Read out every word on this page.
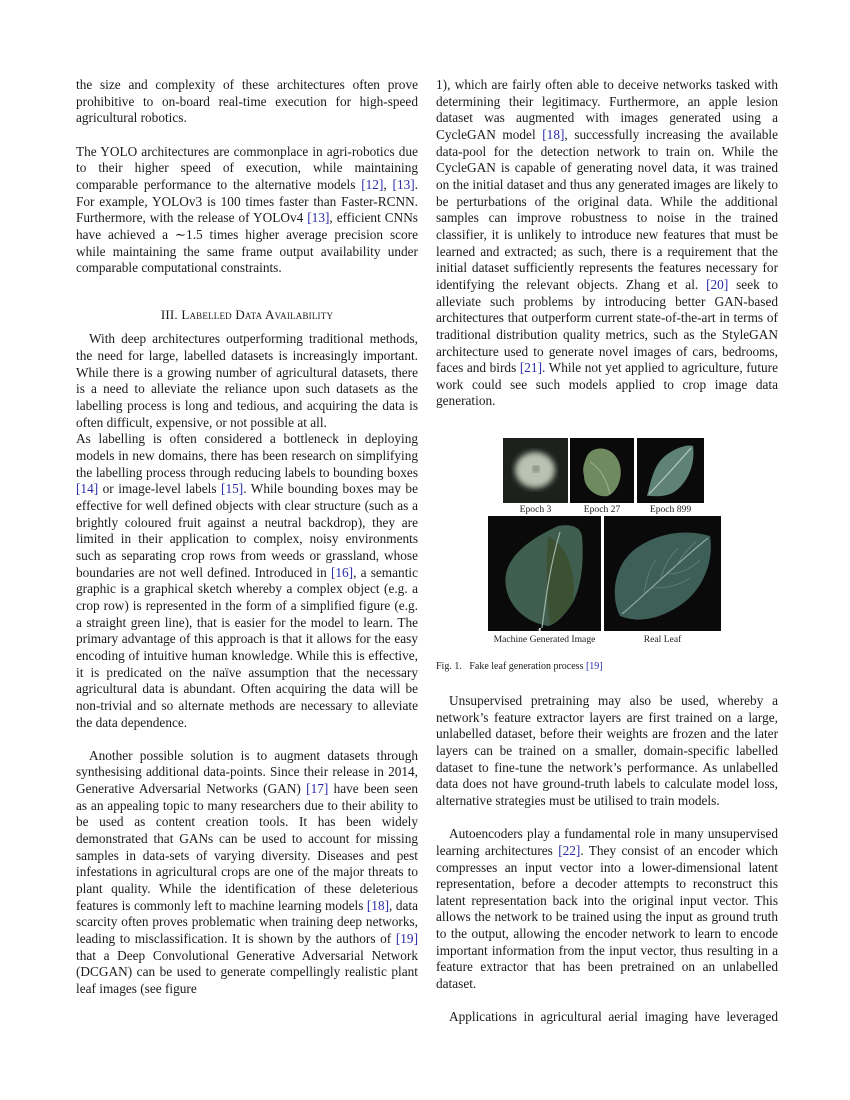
the size and complexity of these architectures often prove prohibitive to on-board real-time execution for high-speed agricultural robotics.

The YOLO architectures are commonplace in agri-robotics due to their higher speed of execution, while maintaining comparable performance to the alternative models [12], [13]. For example, YOLOv3 is 100 times faster than Faster-RCNN. Furthermore, with the release of YOLOv4 [13], efficient CNNs have achieved a ∼1.5 times higher average precision score while maintaining the same frame output availability under comparable computational constraints.

III. Labelled Data Availability

With deep architectures outperforming traditional methods, the need for large, labelled datasets is increasingly important. While there is a growing number of agricultural datasets, there is a need to alleviate the reliance upon such datasets as the labelling process is long and tedious, and acquiring the data is often difficult, expensive, or not possible at all.

As labelling is often considered a bottleneck in deploying models in new domains, there has been research on simplifying the labelling process through reducing labels to bounding boxes [14] or image-level labels [15]. While bounding boxes may be effective for well defined objects with clear structure (such as a brightly coloured fruit against a neutral backdrop), they are limited in their application to complex, noisy environments such as separating crop rows from weeds or grassland, whose boundaries are not well defined. Introduced in [16], a semantic graphic is a graphical sketch whereby a complex object (e.g. a crop row) is represented in the form of a simplified figure (e.g. a straight green line), that is easier for the model to learn. The primary advantage of this approach is that it allows for the easy encoding of intuitive human knowledge. While this is effective, it is predicated on the naïve assumption that the necessary agricultural data is abundant. Often acquiring the data will be non-trivial and so alternate methods are necessary to alleviate the data dependence.

Another possible solution is to augment datasets through synthesising additional data-points. Since their release in 2014, Generative Adversarial Networks (GAN) [17] have been seen as an appealing topic to many researchers due to their ability to be used as content creation tools. It has been widely demonstrated that GANs can be used to account for missing samples in data-sets of varying diversity. Diseases and pest infestations in agricultural crops are one of the major threats to plant quality. While the identification of these deleterious features is commonly left to machine learning models [18], data scarcity often proves problematic when training deep networks, leading to misclassification. It is shown by the authors of [19] that a Deep Convolutional Generative Adversarial Network (DCGAN) can be used to generate compellingly realistic plant leaf images (see figure

1), which are fairly often able to deceive networks tasked with determining their legitimacy. Furthermore, an apple lesion dataset was augmented with images generated using a CycleGAN model [18], successfully increasing the available data-pool for the detection network to train on. While the CycleGAN is capable of generating novel data, it was trained on the initial dataset and thus any generated images are likely to be perturbations of the original data. While the additional samples can improve robustness to noise in the trained classifier, it is unlikely to introduce new features that must be learned and extracted; as such, there is a requirement that the initial dataset sufficiently represents the features necessary for identifying the relevant objects. Zhang et al. [20] seek to alleviate such problems by introducing better GAN-based architectures that outperform current state-of-the-art in terms of traditional distribution quality metrics, such as the StyleGAN architecture used to generate novel images of cars, bedrooms, faces and birds [21]. While not yet applied to agriculture, future work could see such models applied to crop image data generation.

Epoch 3	Epoch 27	Epoch 899
Machine Generated Image	Real Leaf
Fig. 1. Fake leaf generation process [19]

Unsupervised pretraining may also be used, whereby a network’s feature extractor layers are first trained on a large, unlabelled dataset, before their weights are frozen and the later layers can be trained on a smaller, domain-specific labelled dataset to fine-tune the network’s performance. As unlabelled data does not have ground-truth labels to calculate model loss, alternative strategies must be utilised to train models.

Autoencoders play a fundamental role in many unsupervised learning architectures [22]. They consist of an encoder which compresses an input vector into a lower-dimensional latent representation, before a decoder attempts to reconstruct this latent representation back into the original input vector. This allows the network to be trained using the input as ground truth to the output, allowing the encoder network to learn to encode important information from the input vector, thus resulting in a feature extractor that has been pretrained on an unlabelled dataset.

Applications in agricultural aerial imaging have leveraged
